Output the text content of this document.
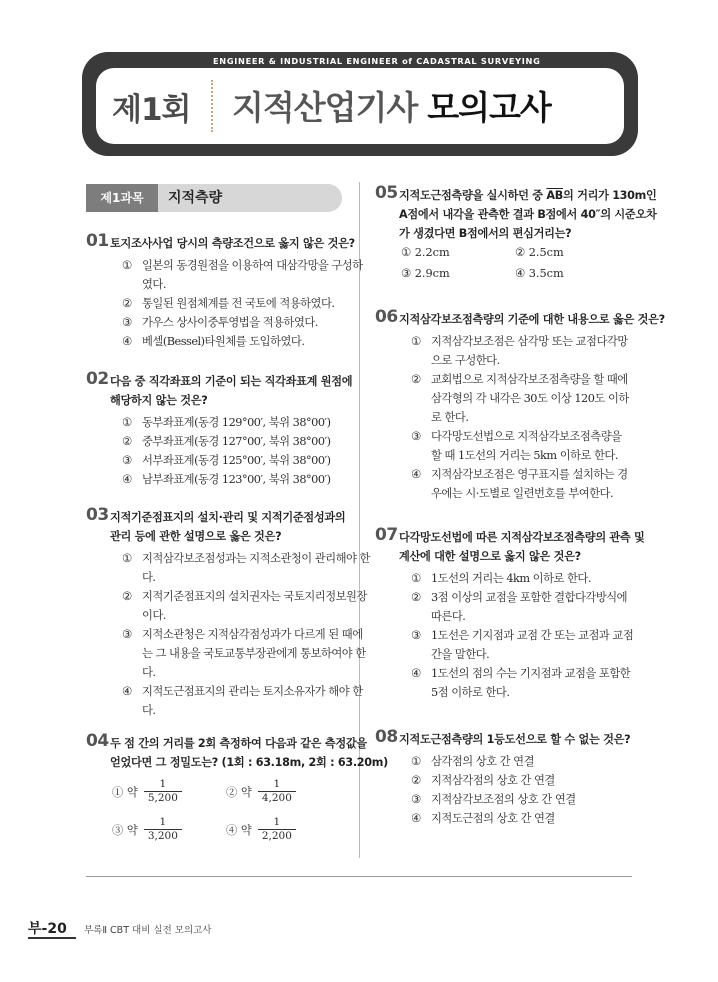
ENGINEER & INDUSTRIAL ENGINEER of CADASTRAL SURVEYING
제1회 지적산업기사 모의고사
제1과목	지적측량
01 토지조사사업 당시의 측량조건으로 옳지 않은 것은?
① 일본의 동경원점을 이용하여 대삼각망을 구성하였다.
② 통일된 원점체계를 전 국토에 적용하였다.
③ 가우스 상사이중투영법을 적용하였다.
④ 베셀(Bessel)타원체를 도입하였다.
02 다음 중 직각좌표의 기준이 되는 직각좌표계 원점에
해당하지 않는 것은?
① 동부좌표계(동경 129°00′, 북위 38°00′)
② 중부좌표계(동경 127°00′, 북위 38°00′)
③ 서부좌표계(동경 125°00′, 북위 38°00′)
④ 남부좌표계(동경 123°00′, 북위 38°00′)
03 지적기준점표지의 설치·관리 및 지적기준점성과의
관리 등에 관한 설명으로 옳은 것은?
① 지적삼각보조점성과는 지적소관청이 관리해야 한다.
② 지적기준점표지의 설치권자는 국토지리정보원장이다.
③ 지적소관청은 지적삼각점성과가 다르게 된 때에는 그 내용을 국토교통부장관에게 통보하여야 한다.
④ 지적도근점표지의 관리는 토지소유자가 해야 한다.
04 두 점 간의 거리를 2회 측정하여 다음과 같은 측정값을
얻었다면 그 정밀도는? (1회 : 63.18m, 2회 : 63.20m)
① 약 $\frac{1}{5,200}$	② 약 $\frac{1}{4,200}$
③ 약 $\frac{1}{3,200}$	④ 약 $\frac{1}{2,200}$
05 지적도근점측량을 실시하던 중 $\overline{AB}$의 거리가 130m인
A점에서 내각을 관측한 결과 B점에서 40″의 시준오차
가 생겼다면 B점에서의 편심거리는?
① 2.2cm	② 2.5cm
③ 2.9cm	④ 3.5cm
06 지적삼각보조점측량의 기준에 대한 내용으로 옳은 것은?
① 지적삼각보조점은 삼각망 또는 교점다각망으로 구성한다.
② 교회법으로 지적삼각보조점측량을 할 때에 삼각형의 각 내각은 30도 이상 120도 이하로 한다.
③ 다각망도선법으로 지적삼각보조점측량을 할 때 1도선의 거리는 5km 이하로 한다.
④ 지적삼각보조점은 영구표지를 설치하는 경우에는 시·도별로 일련번호를 부여한다.
07 다각망도선법에 따른 지적삼각보조점측량의 관측 및
계산에 대한 설명으로 옳지 않은 것은?
① 1도선의 거리는 4km 이하로 한다.
② 3점 이상의 교점을 포함한 결합다각방식에 따른다.
③ 1도선은 기지점과 교점 간 또는 교점과 교점 간을 말한다.
④ 1도선의 점의 수는 기지점과 교점을 포함한 5점 이하로 한다.
08 지적도근점측량의 1등도선으로 할 수 없는 것은?
① 삼각점의 상호 간 연결
② 지적삼각점의 상호 간 연결
③ 지적삼각보조점의 상호 간 연결
④ 지적도근점의 상호 간 연결
부-20 부록Ⅱ CBT 대비 실전 모의고사
